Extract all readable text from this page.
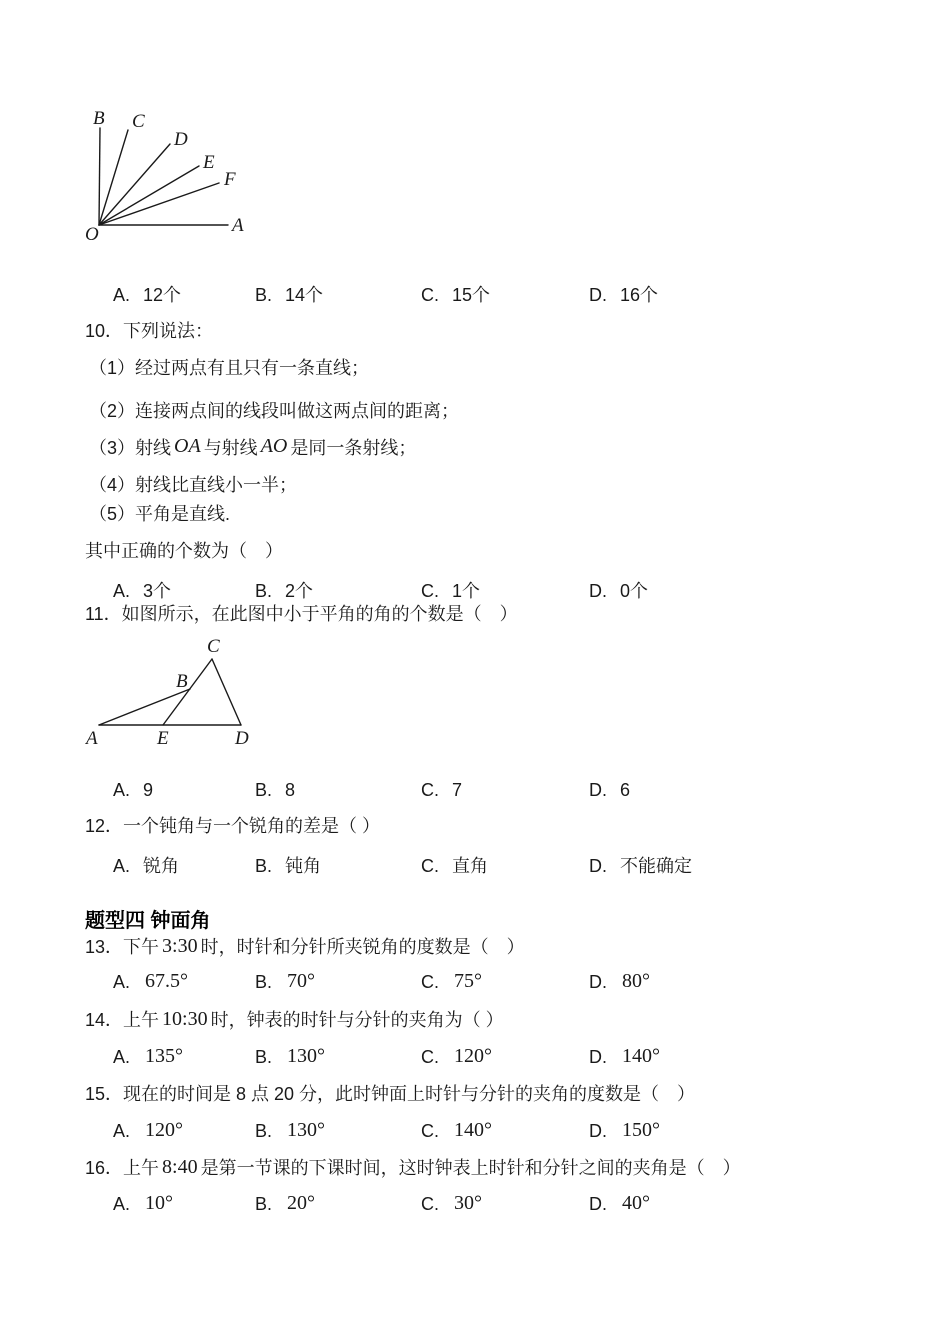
B C
D
E
F
A
O
A. 12个	B. 14个	C. 15个	D. 16个
10．下列说法：
（1）经过两点有且只有一条直线；
（2）连接两点间的线段叫做这两点间的距离；
（3）射线 OA 与射线 AO 是同一条射线；
（4）射线比直线小一半；
（5）平角是直线.
其中正确的个数为（　）
A. 3个	B. 2个	C. 1个	D. 0个
11．如图所示，在此图中小于平角的角的个数是（　）
C
B
A	E	D
A. 9	B. 8	C. 7	D. 6
12．一个钝角与一个锐角的差是（ ）
A. 锐角	B. 钝角	C. 直角	D. 不能确定
题型四 钟面角
13．下午 3:30 时，时针和分针所夹锐角的度数是（　）
A. 67.5°	B. 70°	C. 75°	D. 80°
14．上午 10:30 时，钟表的时针与分针的夹角为（ ）
A. 135°	B. 130°	C. 120°	D. 140°
15．现在的时间是 8 点 20 分，此时钟面上时针与分针的夹角的度数是（　）
A. 120°	B. 130°	C. 140°	D. 150°
16．上午 8:40 是第一节课的下课时间，这时钟表上时针和分针之间的夹角是（　）
A. 10°	B. 20°	C. 30°	D. 40°
